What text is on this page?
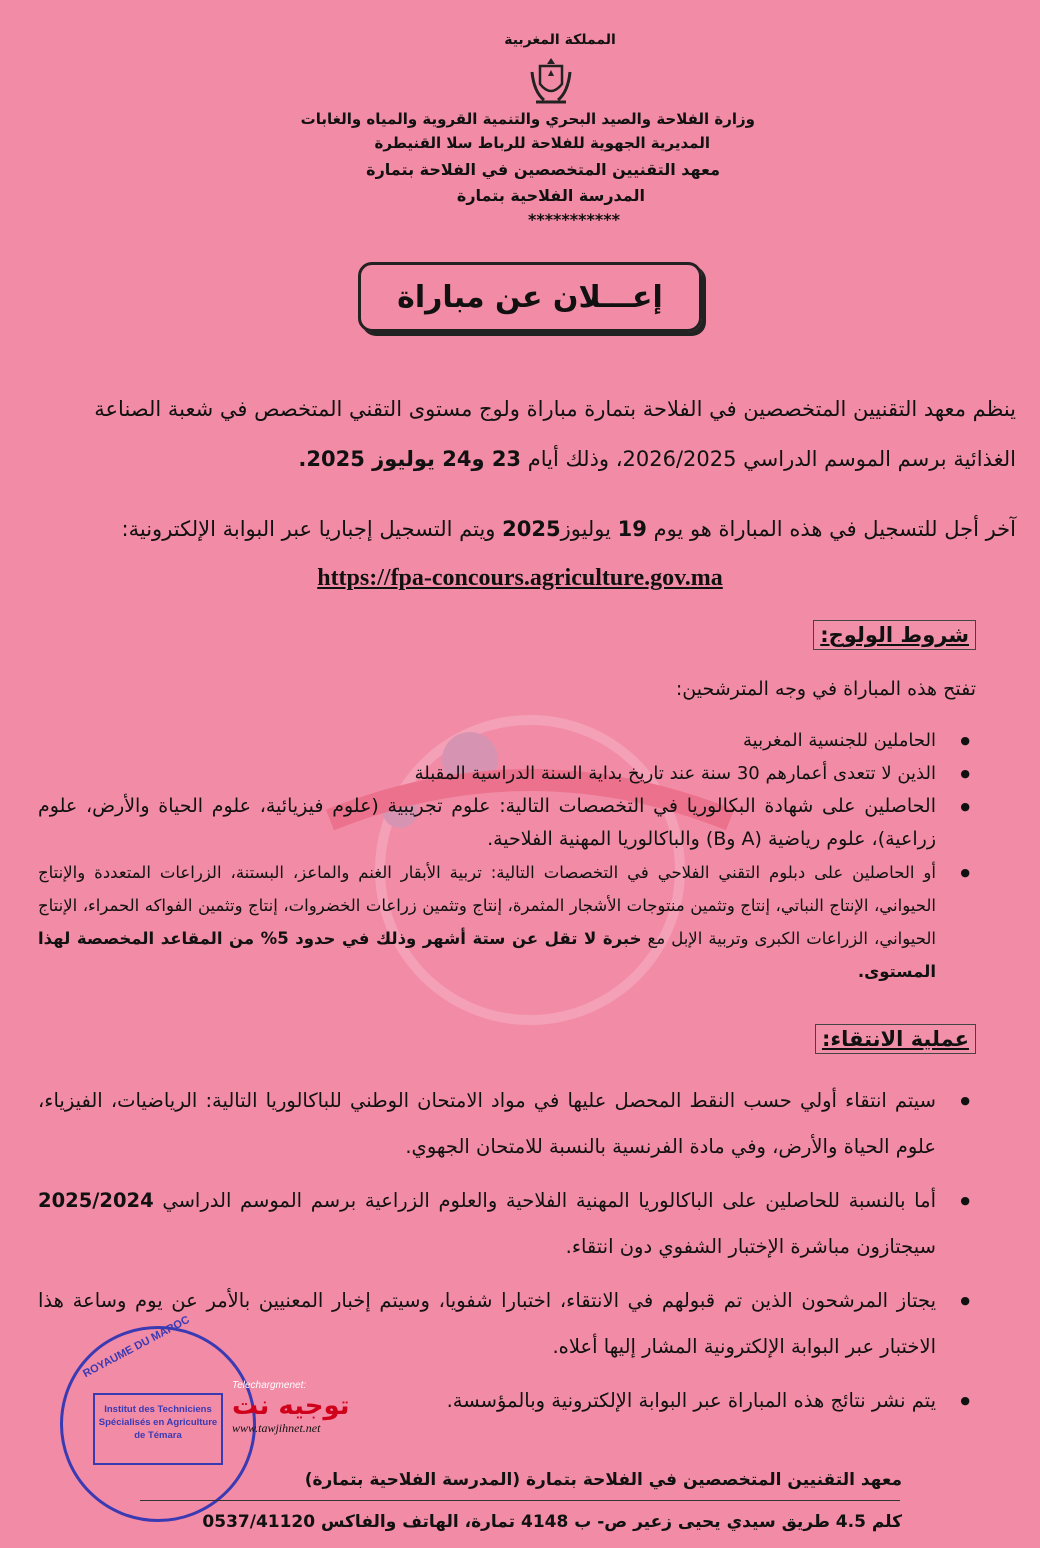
المملكة المغربية
وزارة الفلاحة والصيد البحري والتنمية القروية والمياه والغابات
المديرية الجهوية للفلاحة للرباط سلا القنيطرة
معهد التقنيين المتخصصين في الفلاحة بتمارة
المدرسة الفلاحية بتمارة
***********
إعـــلان عن مباراة
ينظم معهد التقنيين المتخصصين في الفلاحة بتمارة مباراة ولوج مستوى التقني المتخصص في شعبة الصناعة
الغذائية برسم الموسم الدراسي 2026/2025، وذلك أيام 23 و24 يوليوز 2025.
آخر أجل للتسجيل في هذه المباراة هو يوم 19 يوليوز2025 ويتم التسجيل إجباريا عبر البوابة الإلكترونية:
https://fpa-concours.agriculture.gov.ma
شروط الولوج:
تفتح هذه المباراة في وجه المترشحين:
● الحاملين للجنسية المغربية
● الذين لا تتعدى أعمارهم 30 سنة عند تاريخ بداية السنة الدراسية المقبلة
● الحاصلين على شهادة البكالوريا في التخصصات التالية: علوم تجريبية (علوم فيزيائية، علوم الحياة والأرض، علوم زراعية)، علوم رياضية (A وB) والباكالوريا المهنية الفلاحية.
● أو الحاصلين على دبلوم التقني الفلاحي في التخصصات التالية: تربية الأبقار الغنم والماعز، البستنة، الزراعات المتعددة والإنتاج الحيواني، الإنتاج النباتي، إنتاج وتثمين منتوجات الأشجار المثمرة، إنتاج وتثمين زراعات الخضروات، إنتاج وتثمين الفواكه الحمراء، الإنتاج الحيواني، الزراعات الكبرى وتربية الإبل مع خبرة لا تقل عن ستة أشهر وذلك في حدود 5% من المقاعد المخصصة لهذا المستوى.
عملية الانتقاء:
● سيتم انتقاء أولي حسب النقط المحصل عليها في مواد الامتحان الوطني للباكالوريا التالية: الرياضيات، الفيزياء، علوم الحياة والأرض، وفي مادة الفرنسية بالنسبة للامتحان الجهوي.
● أما بالنسبة للحاصلين على الباكالوريا المهنية الفلاحية والعلوم الزراعية برسم الموسم الدراسي 2025/2024 سيجتازون مباشرة الإختبار الشفوي دون انتقاء.
● يجتاز المرشحون الذين تم قبولهم في الانتقاء، اختبارا شفويا، وسيتم إخبار المعنيين بالأمر عن يوم وساعة هذا الاختبار عبر البوابة الإلكترونية المشار إليها أعلاه.
● يتم نشر نتائج هذه المباراة عبر البوابة الإلكترونية وبالمؤسسة.
ROYAUME DU MAROC
Institut des Techniciens
Spécialisés en Agriculture
de Témara
Telechargmenet:
توجيه نت
www.tawjihnet.net
معهد التقنيين المتخصصين في الفلاحة بتمارة (المدرسة الفلاحية بتمارة)
كلم 4.5 طريق سيدي يحيى زعير ص- ب 4148 تمارة، الهاتف والفاكس 0537/41120
